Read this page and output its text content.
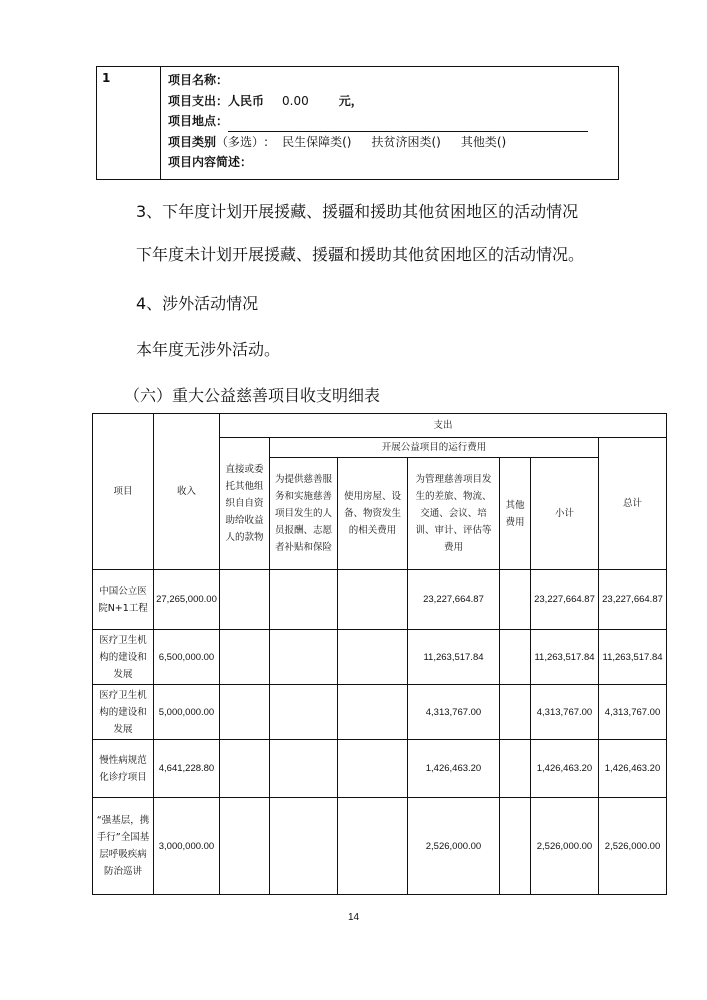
1	项目名称：
项目支出：人民币 0.00	元，
项目地点：
项目类别（多选）: 民生保障类() 扶贫济困类() 其他类()
项目内容简述：
3、下年度计划开展援藏、援疆和援助其他贫困地区的活动情况
下年度未计划开展援藏、援疆和援助其他贫困地区的活动情况。
4、涉外活动情况
本年度无涉外活动。
（六）重大公益慈善项目收支明细表
项目	收入	支出						
		直接或委托其他组织自自资助给收益人的款物	开展公益项目的运行费用					总计
			为提供慈善服务和实施慈善项目发生的人员报酬、志愿者补贴和保险	使用房屋、设备、物资发生的相关费用	为管理慈善项目发生的差旅、物流、交通、会议、培训、审计、评估等费用	其他费用	小计	
中国公立医院N+1工程	27,265,000.00				23,227,664.87		23,227,664.87	23,227,664.87
医疗卫生机构的建设和发展	6,500,000.00				11,263,517.84		11,263,517.84	11,263,517.84
医疗卫生机构的建设和发展	5,000,000.00				4,313,767.00		4,313,767.00	4,313,767.00
慢性病规范化诊疗项目	4,641,228.80				1,426,463.20		1,426,463.20	1,426,463.20
“强基层，携手行”全国基层呼吸疾病防治巡讲	3,000,000.00				2,526,000.00		2,526,000.00	2,526,000.00
14
